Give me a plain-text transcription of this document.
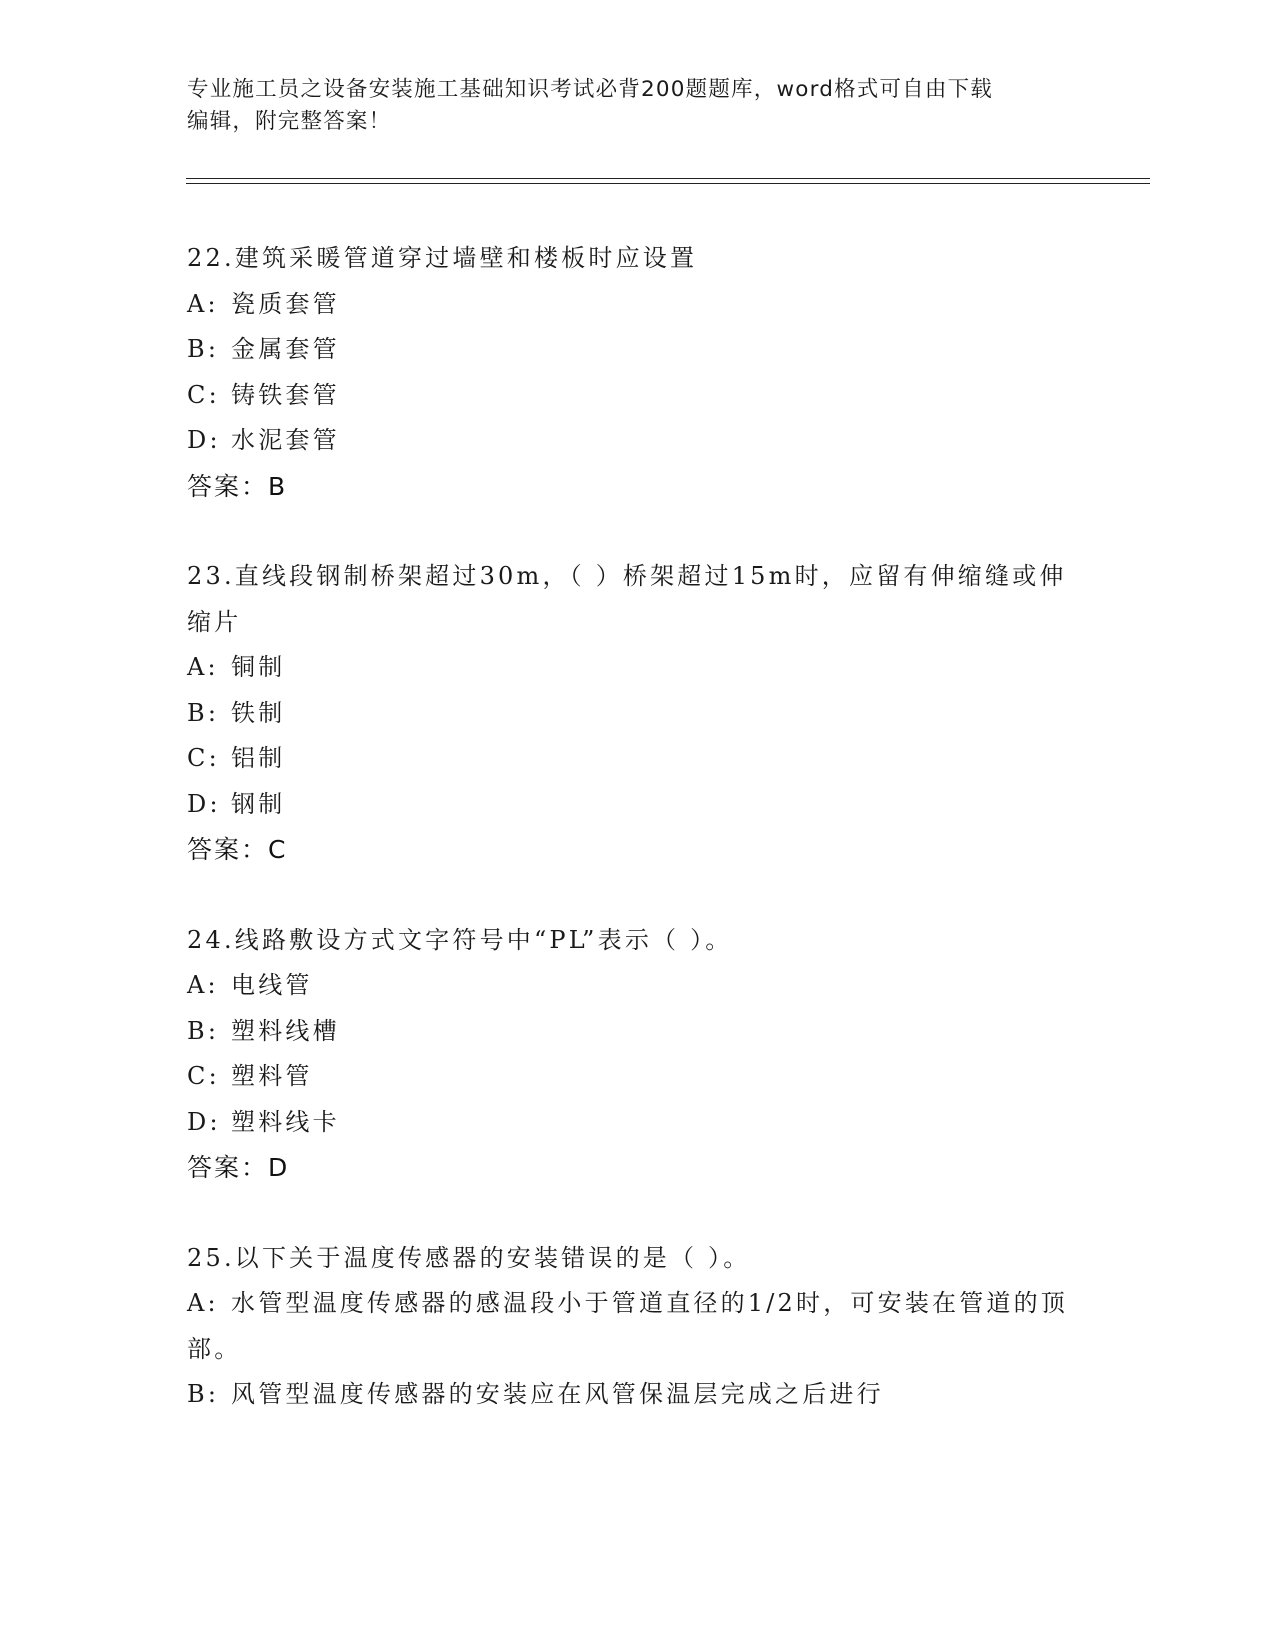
专业施工员之设备安装施工基础知识考试必背200题题库，word格式可自由下载
编辑，附完整答案！
22.建筑采暖管道穿过墙壁和楼板时应设置
A: 瓷质套管
B: 金属套管
C: 铸铁套管
D: 水泥套管
答案：B
23.直线段钢制桥架超过30m，（ ）桥架超过15m时，应留有伸缩缝或伸缩片
A: 铜制
B: 铁制
C: 铝制
D: 钢制
答案：C
24.线路敷设方式文字符号中“PL”表示（ ）。
A: 电线管
B: 塑料线槽
C: 塑料管
D: 塑料线卡
答案：D
25.以下关于温度传感器的安装错误的是（ ）。
A: 水管型温度传感器的感温段小于管道直径的1/2时，可安装在管道的顶部。
B: 风管型温度传感器的安装应在风管保温层完成之后进行
